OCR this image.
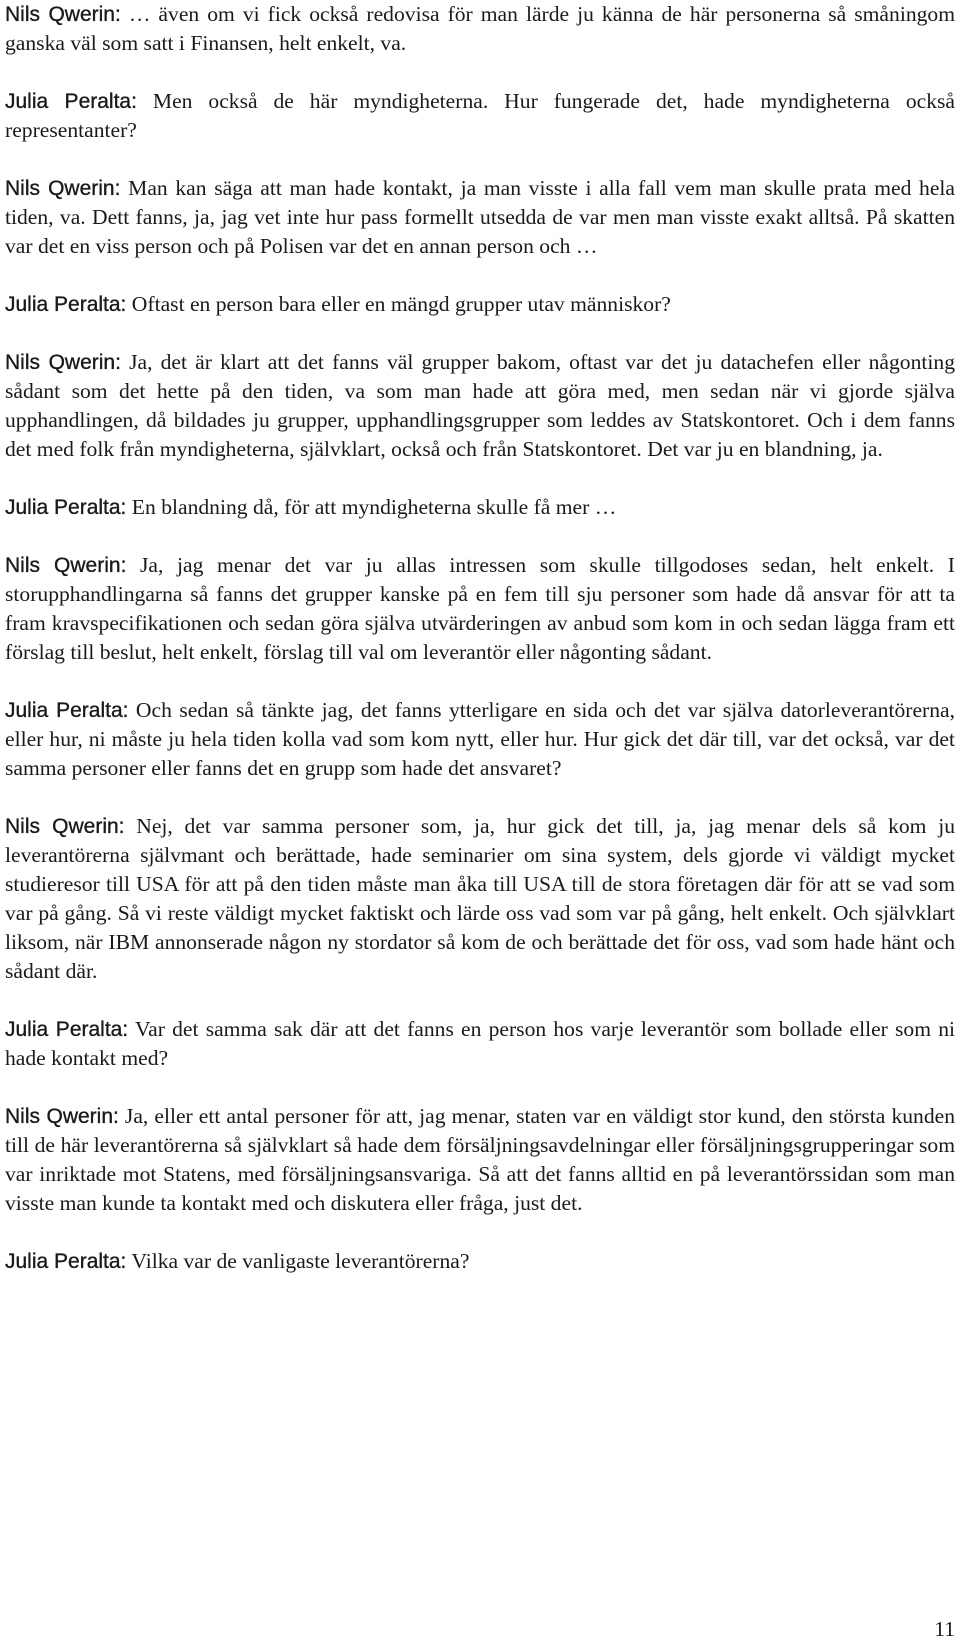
Nils Qwerin: … även om vi fick också redovisa för man lärde ju känna de här personerna så småningom ganska väl som satt i Finansen, helt enkelt, va.

Julia Peralta: Men också de här myndigheterna. Hur fungerade det, hade myndigheterna också representanter?

Nils Qwerin: Man kan säga att man hade kontakt, ja man visste i alla fall vem man skulle prata med hela tiden, va. Dett fanns, ja, jag vet inte hur pass formellt utsedda de var men man visste exakt alltså. På skatten var det en viss person och på Polisen var det en annan person och …

Julia Peralta: Oftast en person bara eller en mängd grupper utav människor?

Nils Qwerin: Ja, det är klart att det fanns väl grupper bakom, oftast var det ju datachefen eller någonting sådant som det hette på den tiden, va som man hade att göra med, men sedan när vi gjorde själva upphandlingen, då bildades ju grupper, upphandlingsgrupper som leddes av Statskontoret. Och i dem fanns det med folk från myndigheterna, självklart, också och från Statskontoret. Det var ju en blandning, ja.

Julia Peralta: En blandning då, för att myndigheterna skulle få mer …

Nils Qwerin: Ja, jag menar det var ju allas intressen som skulle tillgodoses sedan, helt enkelt. I storupphandlingarna så fanns det grupper kanske på en fem till sju personer som hade då ansvar för att ta fram kravspecifikationen och sedan göra själva utvärderingen av anbud som kom in och sedan lägga fram ett förslag till beslut, helt enkelt, förslag till val om leverantör eller någonting sådant.

Julia Peralta: Och sedan så tänkte jag, det fanns ytterligare en sida och det var själva datorleverantörerna, eller hur, ni måste ju hela tiden kolla vad som kom nytt, eller hur. Hur gick det där till, var det också, var det samma personer eller fanns det en grupp som hade det ansvaret?

Nils Qwerin: Nej, det var samma personer som, ja, hur gick det till, ja, jag menar dels så kom ju leverantörerna självmant och berättade, hade seminarier om sina system, dels gjorde vi väldigt mycket studieresor till USA för att på den tiden måste man åka till USA till de stora företagen där för att se vad som var på gång. Så vi reste väldigt mycket faktiskt och lärde oss vad som var på gång, helt enkelt. Och självklart liksom, när IBM annonserade någon ny stordator så kom de och berättade det för oss, vad som hade hänt och sådant där.

Julia Peralta: Var det samma sak där att det fanns en person hos varje leverantör som bollade eller som ni hade kontakt med?

Nils Qwerin: Ja, eller ett antal personer för att, jag menar, staten var en väldigt stor kund, den största kunden till de här leverantörerna så självklart så hade dem försäljningsavdelningar eller försäljningsgrupperingar som var inriktade mot Statens, med försäljningsansvariga. Så att det fanns alltid en på leverantörssidan som man visste man kunde ta kontakt med och diskutera eller fråga, just det.

Julia Peralta: Vilka var de vanligaste leverantörerna?

11
